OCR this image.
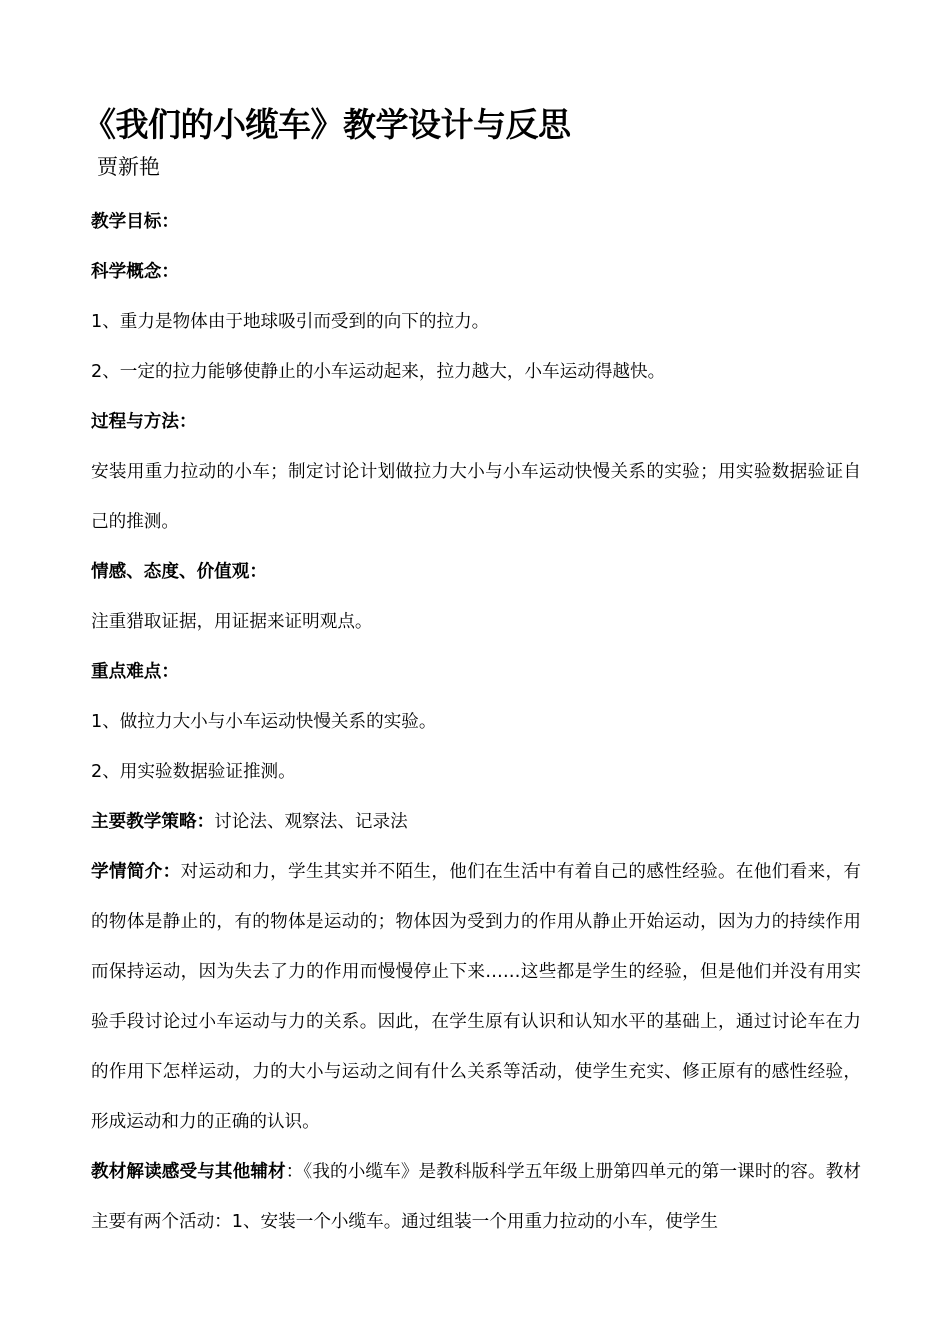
《我们的小缆车》教学设计与反思
贾新艳
教学目标：
科学概念：
1、重力是物体由于地球吸引而受到的向下的拉力。
2、一定的拉力能够使静止的小车运动起来，拉力越大，小车运动得越快。
过程与方法：
安装用重力拉动的小车；制定讨论计划做拉力大小与小车运动快慢关系的实验；用实验数据验证自己的推测。
情感、态度、价值观：
注重猎取证据，用证据来证明观点。
重点难点：
1、做拉力大小与小车运动快慢关系的实验。
2、用实验数据验证推测。
主要教学策略：讨论法、观察法、记录法
学情简介：对运动和力，学生其实并不陌生，他们在生活中有着自己的感性经验。在他们看来，有的物体是静止的，有的物体是运动的；物体因为受到力的作用从静止开始运动，因为力的持续作用而保持运动，因为失去了力的作用而慢慢停止下来……这些都是学生的经验，但是他们并没有用实验手段讨论过小车运动与力的关系。因此，在学生原有认识和认知水平的基础上，通过讨论车在力的作用下怎样运动，力的大小与运动之间有什么关系等活动，使学生充实、修正原有的感性经验，形成运动和力的正确的认识。
教材解读感受与其他辅材：《我的小缆车》是教科版科学五年级上册第四单元的第一课时的容。教材主要有两个活动：1、安装一个小缆车。通过组装一个用重力拉动的小车，使学生
